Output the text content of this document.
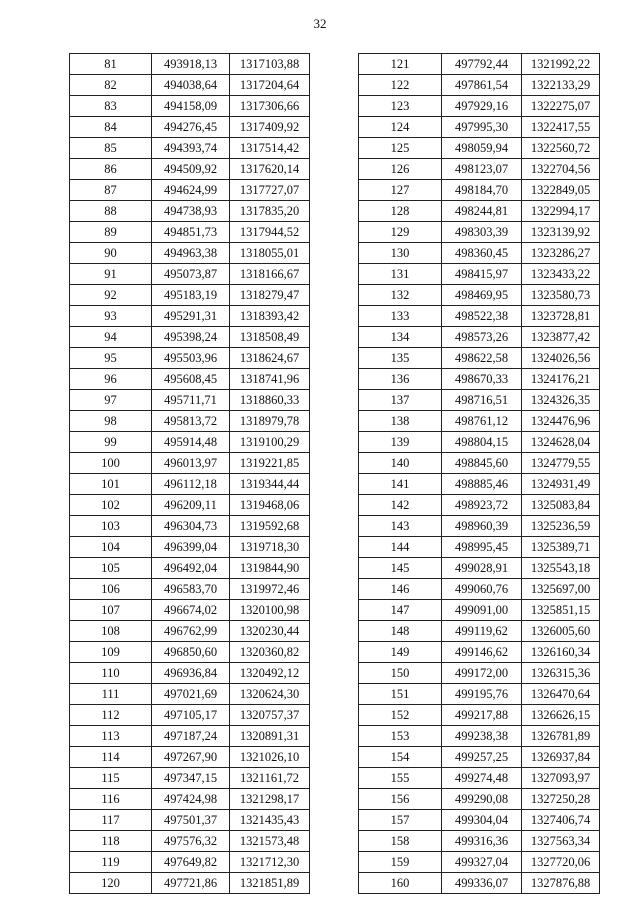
32
81	493918,13	1317103,88
82	494038,64	1317204,64
83	494158,09	1317306,66
84	494276,45	1317409,92
85	494393,74	1317514,42
86	494509,92	1317620,14
87	494624,99	1317727,07
88	494738,93	1317835,20
89	494851,73	1317944,52
90	494963,38	1318055,01
91	495073,87	1318166,67
92	495183,19	1318279,47
93	495291,31	1318393,42
94	495398,24	1318508,49
95	495503,96	1318624,67
96	495608,45	1318741,96
97	495711,71	1318860,33
98	495813,72	1318979,78
99	495914,48	1319100,29
100	496013,97	1319221,85
101	496112,18	1319344,44
102	496209,11	1319468,06
103	496304,73	1319592,68
104	496399,04	1319718,30
105	496492,04	1319844,90
106	496583,70	1319972,46
107	496674,02	1320100,98
108	496762,99	1320230,44
109	496850,60	1320360,82
110	496936,84	1320492,12
111	497021,69	1320624,30
112	497105,17	1320757,37
113	497187,24	1320891,31
114	497267,90	1321026,10
115	497347,15	1321161,72
116	497424,98	1321298,17
117	497501,37	1321435,43
118	497576,32	1321573,48
119	497649,82	1321712,30
120	497721,86	1321851,89
121	497792,44	1321992,22
122	497861,54	1322133,29
123	497929,16	1322275,07
124	497995,30	1322417,55
125	498059,94	1322560,72
126	498123,07	1322704,56
127	498184,70	1322849,05
128	498244,81	1322994,17
129	498303,39	1323139,92
130	498360,45	1323286,27
131	498415,97	1323433,22
132	498469,95	1323580,73
133	498522,38	1323728,81
134	498573,26	1323877,42
135	498622,58	1324026,56
136	498670,33	1324176,21
137	498716,51	1324326,35
138	498761,12	1324476,96
139	498804,15	1324628,04
140	498845,60	1324779,55
141	498885,46	1324931,49
142	498923,72	1325083,84
143	498960,39	1325236,59
144	498995,45	1325389,71
145	499028,91	1325543,18
146	499060,76	1325697,00
147	499091,00	1325851,15
148	499119,62	1326005,60
149	499146,62	1326160,34
150	499172,00	1326315,36
151	499195,76	1326470,64
152	499217,88	1326626,15
153	499238,38	1326781,89
154	499257,25	1326937,84
155	499274,48	1327093,97
156	499290,08	1327250,28
157	499304,04	1327406,74
158	499316,36	1327563,34
159	499327,04	1327720,06
160	499336,07	1327876,88
